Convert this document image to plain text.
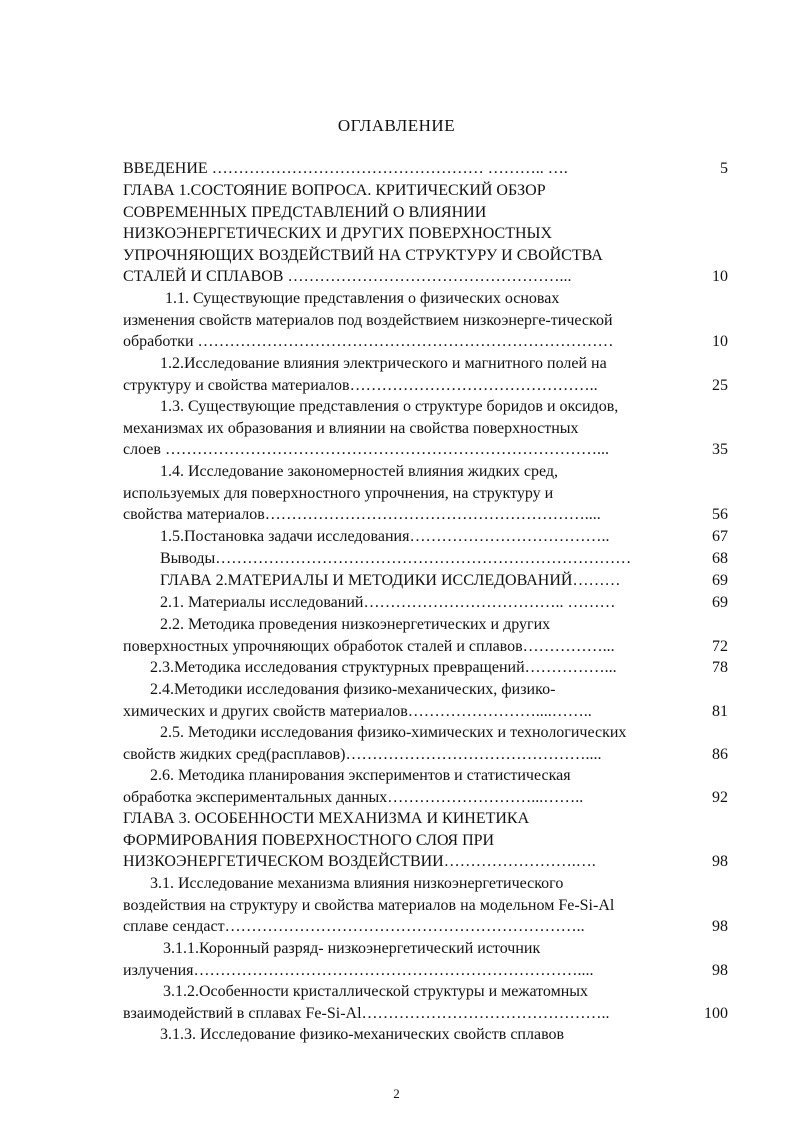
ОГЛАВЛЕНИЕ
ВВЕДЕНИЕ …………………………………………… ……….. ….	5
ГЛАВА 1.СОСТОЯНИЕ ВОПРОСА. КРИТИЧЕСКИЙ ОБЗОР
СОВРЕМЕННЫХ ПРЕДСТАВЛЕНИЙ О ВЛИЯНИИ
НИЗКОЭНЕРГЕТИЧЕСКИХ И ДРУГИХ ПОВЕРХНОСТНЫХ
УПРОЧНЯЮЩИХ ВОЗДЕЙСТВИЙ НА СТРУКТУРУ И СВОЙСТВА
СТАЛЕЙ И СПЛАВОВ ……………………………………………...	10
1.1. Существующие представления о физических основах
изменения свойств материалов под воздействием низкоэнерге-тической
обработки ……………………………………………………………………	10
1.2.Исследование влияния электрического и магнитного полей на
структуру и свойства материалов………………………………………..	25
1.3. Существующие представления о структуре боридов и оксидов,
механизмах их образования и влиянии на свойства поверхностных
слоев ………………………………………………………………………...	35
1.4. Исследование закономерностей влияния жидких сред,
используемых для поверхностного упрочнения, на структуру и
свойства материалов……………………………………………………....	56
1.5.Постановка задачи исследования………………………………..	67
Выводы……………………………………………………………………	68
ГЛАВА 2.МАТЕРИАЛЫ И МЕТОДИКИ ИССЛЕДОВАНИЙ………	69
2.1. Материалы исследований……………………………….. ………	69
2.2. Методика проведения низкоэнергетических и других
поверхностных упрочняющих обработок сталей и сплавов……………...	72
2.3.Методика исследования структурных превращений……………...	78
2.4.Методики исследования физико-механических, физико-
химических и других свойств материалов……………………....……..	81
2.5. Методики исследования физико-химических и технологических
свойств жидких сред(расплавов)………………………………………....	86
2.6. Методика планирования экспериментов и статистическая
обработка экспериментальных данных………………………...……..	92
ГЛАВА 3. ОСОБЕННОСТИ МЕХАНИЗМА И КИНЕТИКА
ФОРМИРОВАНИЯ ПОВЕРХНОСТНОГО СЛОЯ ПРИ
НИЗКОЭНЕРГЕТИЧЕСКОМ ВОЗДЕЙСТВИИ…………………….….	98
3.1. Исследование механизма влияния низкоэнергетического
воздействия на структуру и свойства материалов на модельном Fe-Si-Al
сплаве сендаст…………………………………………………………..	98
3.1.1.Коронный разряд- низкоэнергетический источник
излучения………………………………………………………………....	98
3.1.2.Особенности кристаллической структуры и межатомных
взаимодействий в сплавах Fe-Si-Al………………………………………..	100
3.1.3. Исследование физико-механических свойств сплавов
2
